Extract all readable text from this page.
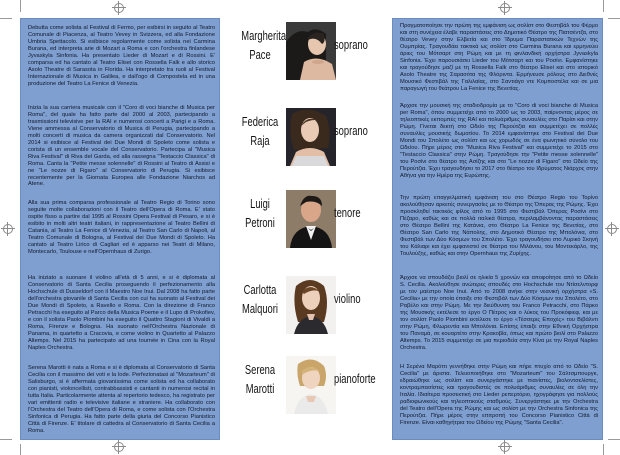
Debutta come solista al Festival di Fermo, per esibirsi in seguito al Teatro Comunale di Piacenza, al Teatro Vevey in Svizzera, ed alla Fondazione Umbria Spettacolo. Si esibisce regolarmente come solista nei Carmina Burana, ed interpreta arie di Mozart a Roma e con l'orchestra finlandese Jyvaskyla Sinfonia. Ha presentato Lieder di Mozart e di Rossini. E' comparsa ed ha cantato al Teatro Elisei con Rossella Falk e allo storico Asolo Theatre di Sarasota in Florida. Ha interpretato tra ruoli al Festival Internazionale di Musica in Galilea, e dall'ogo di Compostela ed in una produzione del Teatro La Fenice di Venezia.

Inizia la sua carriera musicale con il "Coro di voci bianche di Musica per Roma", del quale ha fatto parte dal 2000 al 2003, partecipando a trasmissioni televisive per la RAI e numerosi concerti a Parigi e a Roma. Viene ammessa al Conservatorio di Musica di Perugia, partecipando a molti concerti di musica da camera organizzati dal Conservatorio. Nel 2014 si esibisce al Festival dei Due Mondi di Spoleto come solista e corista di un ensemble vocale del Conservatorio. Partecipa al "Musica Riva Festival" di Riva del Garda, ed alla rassegna "Testaccio Classica" di Roma. Canta la "Petite messe solennelle" di Rossini al Teatro di Assisi e ne "Le nozze di Figaro" al Conservatorio di Perugia. Si esibisce recentemente per la Giornata Europea alle Fondazione Niarchos ad Atene.

Alla sua prima comparsa professionale al Teatro Regio di Torino sono seguite molte collaborazioni con il Teatro dell'Opera di Roma. E' stato ospite fisso a partire dal 1995 al Rossini Opera Festival di Pesaro, e si è esibito in molti altri teatri italiani, in rappresentazione al Teatro Bellini di Catania, al Teatro La Fenice di Venezia, al Teatro San Carlo di Napoli, al Teatro Comunale di Bologna, al Festival dei Due Mondi di Spoleto. Ha cantato al Teatro Lirico di Cagliari ed è apparso nei Teatri di Milano, Montecarlo, Toulouse e nell'Opernhaus di Zurigo.

Ha iniziato a suonare il violino all'età di 5 anni, e si è diplomata al Conservatorio di Santa Cecilia proseguendo il perfezionamento alla Hochschule di Dusseldorf con il Maestro Noe Inui. Dal 2008 ha fatto parte dell'orchestra giovanile di Santa Cecilia con cui ha suonato al Festival dei Due Mondi di Spoleto, a Ravello e Roma. Con la direzione di Franco Petracchi ha eseguito al Parco della Musica Poeme e il Lupo di Prokofiev, e con il solista Paolo Piombini ha eseguito il Quattro Stagioni di Vivaldi a Roma, Firenze e Bologna. Ha suonato nell'Orchestra Nazionale di Panama, in quartetto a Cracovia, e come violino in Quartetto al Palazzo Altemps. Nel 2015 ha partecipato ad una tournée in Cina con la Royal Naples Orchestra.

Serena Marotti è nata a Roma e si è diplomata al Conservatorio di Santa Cecilia con il massimo dei voti e la lode. Perfezionatasi al "Mozarteum" di Salisburgo, si è affermata giovanissima come solista ed ha collaborato con pianisti, violoncellisti, contrabbassisti e cantanti in numerosi recital in tutta Italia. Particolarmente attenta al repertorio tedesco, ha registrato per vari emittenti radio e televisive italiane e straniere. Ha collaborato con l'Orchestra del Teatro dell'Opera di Roma, e come solista con l'Orchestra Sinfonica di Perugia. Ha fatto parte della giuria del Concorso Pianistico Città di Firenze. E' titolare di cattedra al Conservatorio di Santa Cecilia a Roma.

Margherita
Pace
soprano
Federica
Raja
soprano
Luigi
Petroni
tenore
Carlotta
Malquori
violino
Serena
Marotti
pianoforte

Πραγματοποίησε την πρώτη της εμφάνιση ως σολίστ στο Φεστιβάλ του Φέρμο και στη συνέχεια έλαβε παραστάσεις στο Δημοτικό Θέατρο της Πιατσέντζα, στο θέατρο Vevey στην Ελβετία και στο Ίδρυμα Παραστατικών Τεχνών της Ουμπρίας. Τραγουδάει τακτικά ως σολίστ στο Carmina Burana και ερμηνεύει άριες του Μότσαρτ στη Ρώμη και με τη φινλανδική ορχήστρα Jyvaskyla Sinfonia. Έχει παρουσιάσει Lieder του Μότσαρτ και του Ροσίνι. Εμφανίστηκε και τραγούδησε μαζί με τη Rossella Falk στο θέατρο Elisei και στο ιστορικό Asolo Theatre της Σαρασότα της Φλόριντα. Ερμήνευσε ρόλους στο Διεθνές Μουσικό Φεστιβάλ της Γαλιλαίας, στο Σαντιάγο ντε Κομποστέλα και σε μια παραγωγή του θεάτρου La Fenice της Βενετίας.

Άρχισε την μουσική της σταδιοδρομία με το "Coro di voci bianche di Musica per Roma", όπου συμμετείχε από το 2000 ως το 2003, παίρνοντας μέρος σε τηλεοπτικές εκπομπές της RAI και πολυάριθμες συναυλίες στο Παρίσι και στην Ρώμη. Γίνεται δεκτή στο Ωδείο της Περούτζια και συμμετέχει σε πολλές συναυλίες μουσικής δωματίου. Το 2014 εμφανίστηκε στο Festival dei Due Mondi του Σπολέτο ως σολίστ και ως χορωδός σε ένα φωνητικό σύνολο του Ωδείου. Πήρε μέρος στο "Musica Riva Festival" και συμμετείχε το 2015 στο "Testaccio Classica" στην Ρώμη. Τραγούδησε την "Petite messe solennelle" του Ροσίνι στο θέατρο της Ασίζης και στο "Le nozze di Figaro" στο Ωδείο της Περούτζια. Έχει τραγουδήσει το 2017 στο θέατρο του Ιδρύματος Νιάρχος στην Αθήνα για την Ημέρα της Ευρώπης.

Την πρώτη επαγγελματική εμφάνιση του στο Θέατρο Regio του Τορίνο ακολούθησαν αρκετές συνεργασίες με το Θέατρο της Όπερας της Ρώμης. Έχει προσκληθεί τακτικός φίλος από το 1995 στο Φεστιβάλ Όπερας Ροσίνι στο Πέζαρο, καθώς και σε πολλά ιταλικά θέατρα, περιλαμβάνοντας παραστάσεις στο Θέατρο Bellini της Κατάνια, στο Θέατρο La Fenice της Βενετίας, στο Θέατρο San Carlo της Νάπολης, στο Δημοτικό Θέατρο της Μπολόνια, στο Φεστιβάλ των Δύο Κόσμων του Σπολέτο. Έχει τραγουδήσει στο Λυρικό Σκηνή του Κάλιαρι και έχει εμφανιστεί σε θέατρα του Μιλάνου, του Μοντεκάρλο, της Τουλούζης, καθώς και στην Opernhaus της Ζυρίχης.

Άρχισε να σπουδάζει βιολί σε ηλικία 5 χρονών και αποφοίτησε από το Ωδείο S. Cecilia. Ακολούθησε ανώτερες σπουδές στο Hochschule του Ντίσελντορφ με τον μαέστρο Noe Inui. Από το 2008 ανήκε στην νεανική ορχήστρα «S. Cecilia» με την οποία έπαιξε στο Φεστιβάλ των Δύο Κόσμων του Σπολέτο, στο Ραβέλο και στην Ρώμη. Με την διεύθυνση του Franco Petracchi, στο Πάρκο της Μουσικής εκτέλεσε το έργο Ο Πέτρος και ο λύκος του Προκόφιεφ, και με τον σολίστ Paolo Piombini εκτέλεσε το έργο «Τέσσερις Εποχές» του Βιβάλντι στην Ρώμη, Φλωρεντία και Μπολόνια. Επίσης έπαιξε στην Εθνική Ορχήστρα του Παναμά, σε κουαρτέτο στην Κρακοβία, όπως και πρώτο βιολί στο Palazzo Altemps. Το 2015 συμμετείχε σε μια περιοδεία στην Κίνα με την Royal Naples Orchestra.

Η Σερένα Μαρόττι γεννήθηκε στην Ρώμη και πήρε πτυχίο από το Ωδείο "S. Cecilia" με άριστα. Τελειοποιήθηκε στο "Mozarteum" του Σάλτσμπουργκ, εδραιώθηκε ως σολίστ και συνεργάστηκε με πιανίστες, βιολοντσελίστες, κοντραμπασίστες και τραγουδιστές σε πολυάριθμες συναυλίες σε όλη την Ιταλία. Ιδιαίτερα προσεκτική στο Lieder ρεπερτόριο, ηχογράφησε για πολλούς ραδιοφωνικούς και τηλεοπτικούς σταθμούς. Συνεργάστηκε με την Orchestra del Teatro dell'Opera της Ρώμης και ως σολίστ με την Orchestra Sinfonica της Περούτζια. Πήρε μέρος στην επιτροπή του Concorso Pianistico Città di Firenze. Είναι καθηγήτρια του Ωδείου της Ρώμης "Santa Cecilia".
